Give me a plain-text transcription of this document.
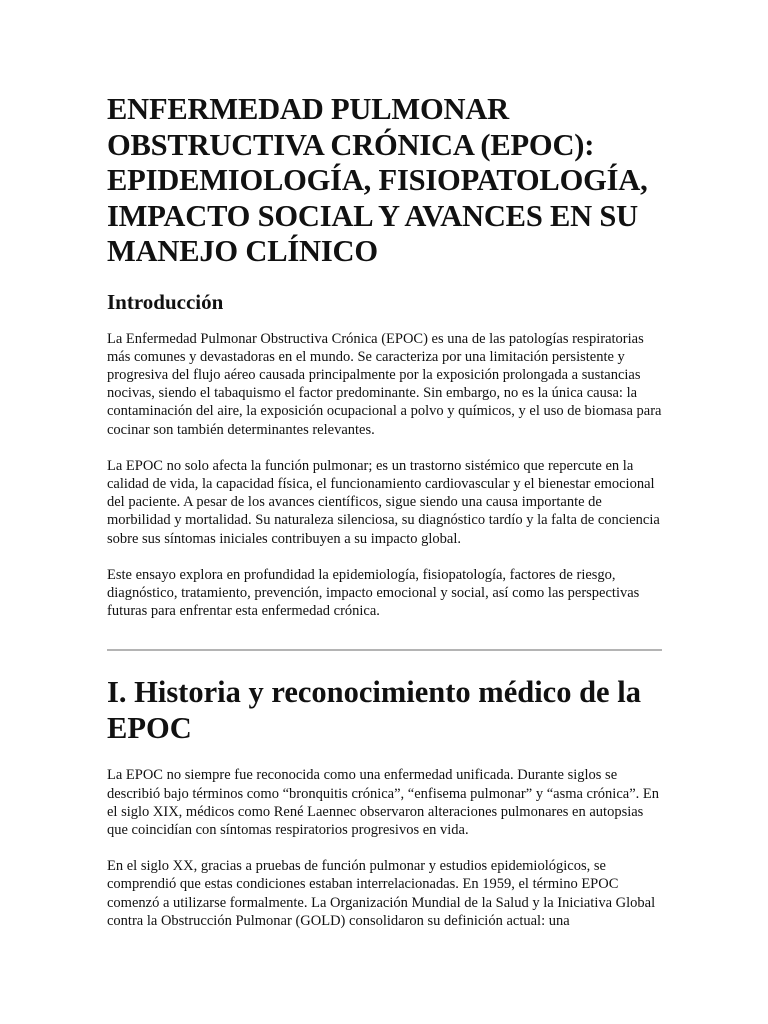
ENFERMEDAD PULMONAR OBSTRUCTIVA CRÓNICA (EPOC): EPIDEMIOLOGÍA, FISIOPATOLOGÍA, IMPACTO SOCIAL Y AVANCES EN SU MANEJO CLÍNICO
Introducción

La Enfermedad Pulmonar Obstructiva Crónica (EPOC) es una de las patologías respiratorias más comunes y devastadoras en el mundo. Se caracteriza por una limitación persistente y progresiva del flujo aéreo causada principalmente por la exposición prolongada a sustancias nocivas, siendo el tabaquismo el factor predominante. Sin embargo, no es la única causa: la contaminación del aire, la exposición ocupacional a polvo y químicos, y el uso de biomasa para cocinar son también determinantes relevantes.

La EPOC no solo afecta la función pulmonar; es un trastorno sistémico que repercute en la calidad de vida, la capacidad física, el funcionamiento cardiovascular y el bienestar emocional del paciente. A pesar de los avances científicos, sigue siendo una causa importante de morbilidad y mortalidad. Su naturaleza silenciosa, su diagnóstico tardío y la falta de conciencia sobre sus síntomas iniciales contribuyen a su impacto global.

Este ensayo explora en profundidad la epidemiología, fisiopatología, factores de riesgo, diagnóstico, tratamiento, prevención, impacto emocional y social, así como las perspectivas futuras para enfrentar esta enfermedad crónica.

I. Historia y reconocimiento médico de la EPOC

La EPOC no siempre fue reconocida como una enfermedad unificada. Durante siglos se describió bajo términos como “bronquitis crónica”, “enfisema pulmonar” y “asma crónica”. En el siglo XIX, médicos como René Laennec observaron alteraciones pulmonares en autopsias que coincidían con síntomas respiratorios progresivos en vida.

En el siglo XX, gracias a pruebas de función pulmonar y estudios epidemiológicos, se comprendió que estas condiciones estaban interrelacionadas. En 1959, el término EPOC comenzó a utilizarse formalmente. La Organización Mundial de la Salud y la Iniciativa Global contra la Obstrucción Pulmonar (GOLD) consolidaron su definición actual: una
